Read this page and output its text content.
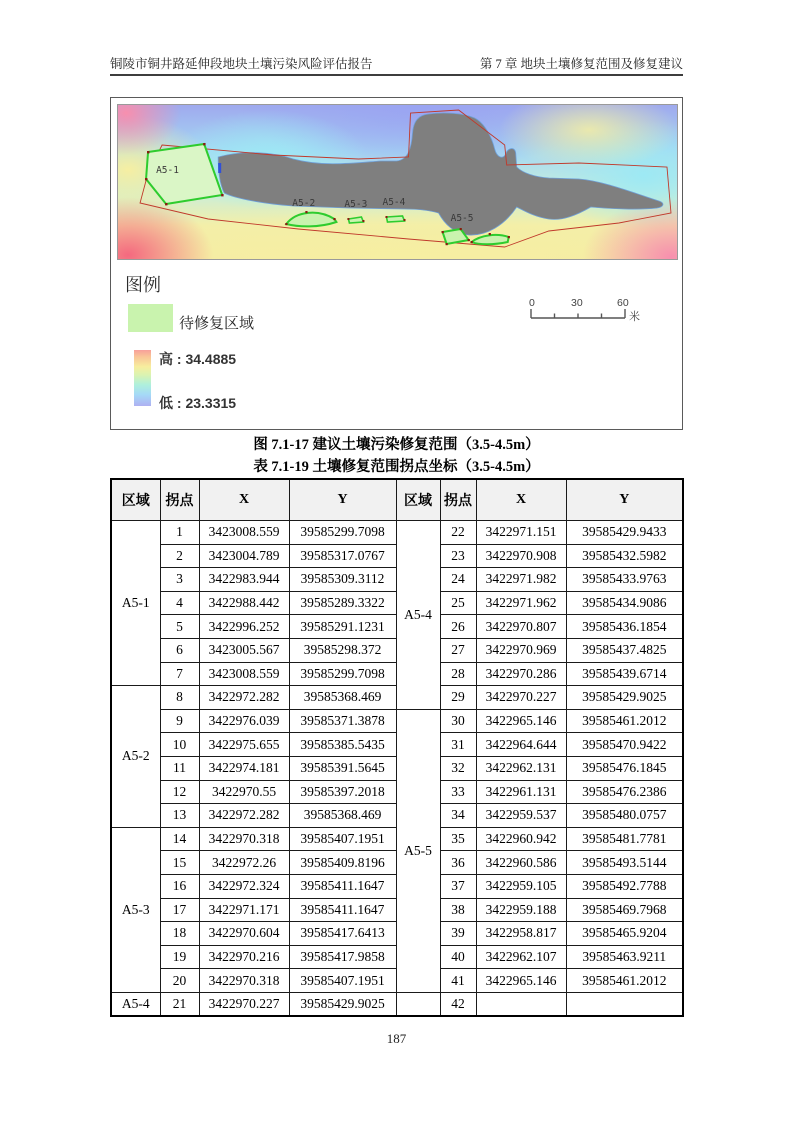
铜陵市铜井路延伸段地块土壤污染风险评估报告	第 7 章 地块土壤修复范围及修复建议
A5-1
A5-2	A5-3 A5-4
A5-5
图例
待修复区域
高 : 34.4885
低 : 23.3315
0	30	60
米
图 7.1-17 建议土壤污染修复范围（3.5-4.5m）
表 7.1-19 土壤修复范围拐点坐标（3.5-4.5m）
区域	拐点	X	Y	区域	拐点	X	Y
A5-1	1	3423008.559	39585299.7098	A5-4	22	3422971.151	39585429.9433
	2	3423004.789	39585317.0767		23	3422970.908	39585432.5982
	3	3422983.944	39585309.3112		24	3422971.982	39585433.9763
	4	3422988.442	39585289.3322		25	3422971.962	39585434.9086
	5	3422996.252	39585291.1231		26	3422970.807	39585436.1854
	6	3423005.567	39585298.372		27	3422970.969	39585437.4825
	7	3423008.559	39585299.7098		28	3422970.286	39585439.6714
A5-2	8	3422972.282	39585368.469		29	3422970.227	39585429.9025
	9	3422976.039	39585371.3878	A5-5	30	3422965.146	39585461.2012
	10	3422975.655	39585385.5435		31	3422964.644	39585470.9422
	11	3422974.181	39585391.5645		32	3422962.131	39585476.1845
	12	3422970.55	39585397.2018		33	3422961.131	39585476.2386
	13	3422972.282	39585368.469		34	3422959.537	39585480.0757
A5-3	14	3422970.318	39585407.1951		35	3422960.942	39585481.7781
	15	3422972.26	39585409.8196		36	3422960.586	39585493.5144
	16	3422972.324	39585411.1647		37	3422959.105	39585492.7788
	17	3422971.171	39585411.1647		38	3422959.188	39585469.7968
	18	3422970.604	39585417.6413		39	3422958.817	39585465.9204
	19	3422970.216	39585417.9858		40	3422962.107	39585463.9211
	20	3422970.318	39585407.1951		41	3422965.146	39585461.2012
A5-4	21	3422970.227	39585429.9025		42		
187
